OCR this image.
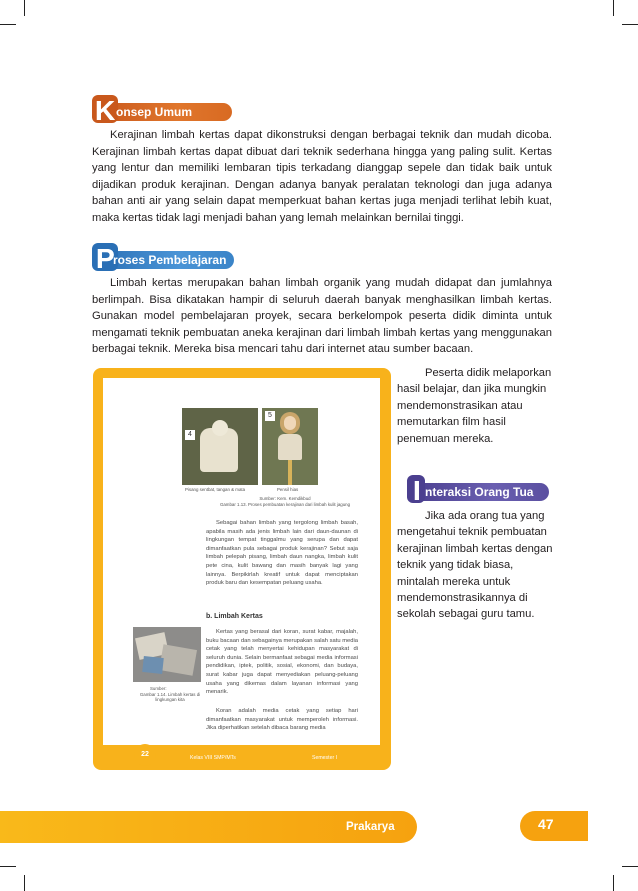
K onsep Umum
Kerajinan limbah kertas dapat dikonstruksi dengan berbagai teknik dan mudah dicoba. Kerajinan limbah kertas dapat dibuat dari teknik sederhana hingga yang paling sulit. Kertas yang lentur dan memiliki lembaran tipis terkadang dianggap sepele dan tidak baik untuk dijadikan produk kerajinan. Dengan adanya banyak peralatan teknologi dan juga adanya bahan anti air yang selain dapat memperkuat bahan kertas juga menjadi terlihat lebih kuat, maka kertas tidak lagi menjadi bahan yang lemah melainkan bernilai tinggi.
P
roses Pembelajaran
Limbah kertas merupakan bahan limbah organik yang mudah didapat dan jumlahnya berlimpah. Bisa dikatakan hampir di seluruh daerah banyak menghasilkan limbah kertas. Gunakan model pembelajaran proyek, secara berkelompok peserta didik diminta untuk mengamati teknik pembuatan aneka kerajinan dari limbah limbah kertas yang menggunakan berbagai teknik. Mereka bisa mencari tahu dari internet atau sumber bacaan.
4
5
Pisang sentbat, tangan & mata	Pensil hias
Sumber: Kem. Kemdikbud
Gambar 1.13. Proses pembuatan kerajinan dari limbah kulit jagung
Sebagai bahan limbah yang tergolong limbah basah, apabila masih ada jenis limbah lain dari daun-daunan di lingkungan tempat tinggalmu yang serupa dan dapat dimanfaatkan pula sebagai produk kerajinan? Sebut saja limbah pelepah pisang, limbah daun nangka, limbah kulit pete cina, kulit bawang dan masih banyak lagi yang lainnya. Berpikirlah kreatif untuk dapat menciptakan produk baru dan kesempatan peluang usaha.
b. Limbah Kertas
Kertas yang berasal dari koran, surat kabar, majalah, buku bacaan dan sebagainya merupakan salah satu media cetak yang telah menyertai kehidupan masyarakat di seluruh dunia. Selain bermanfaat sebagai media informasi pendidikan, iptek, politik, sosial, ekonomi, dan budaya, surat kabar juga dapat menyediakan peluang-peluang usaha yang dikemas dalam layanan informasi yang menarik.
Koran adalah media cetak yang setiap hari dimanfaatkan masyarakat untuk memperoleh informasi. Jika diperhatikan setelah dibaca barang media
Sumber:
Gambar 1.14. Limbah kertas di lingkungan kita
22	Kelas VIII SMP/MTs	Semester I
Peserta didik melaporkan hasil belajar, dan jika mungkin mendemonstrasikan atau memutarkan film hasil penemuan mereka.
I nteraksi Orang Tua
Jika ada orang tua yang mengetahui teknik pembuatan kerajinan limbah kertas dengan teknik yang tidak biasa, mintalah mereka untuk mendemonstrasikannya di sekolah sebagai guru tamu.
Prakarya	47
